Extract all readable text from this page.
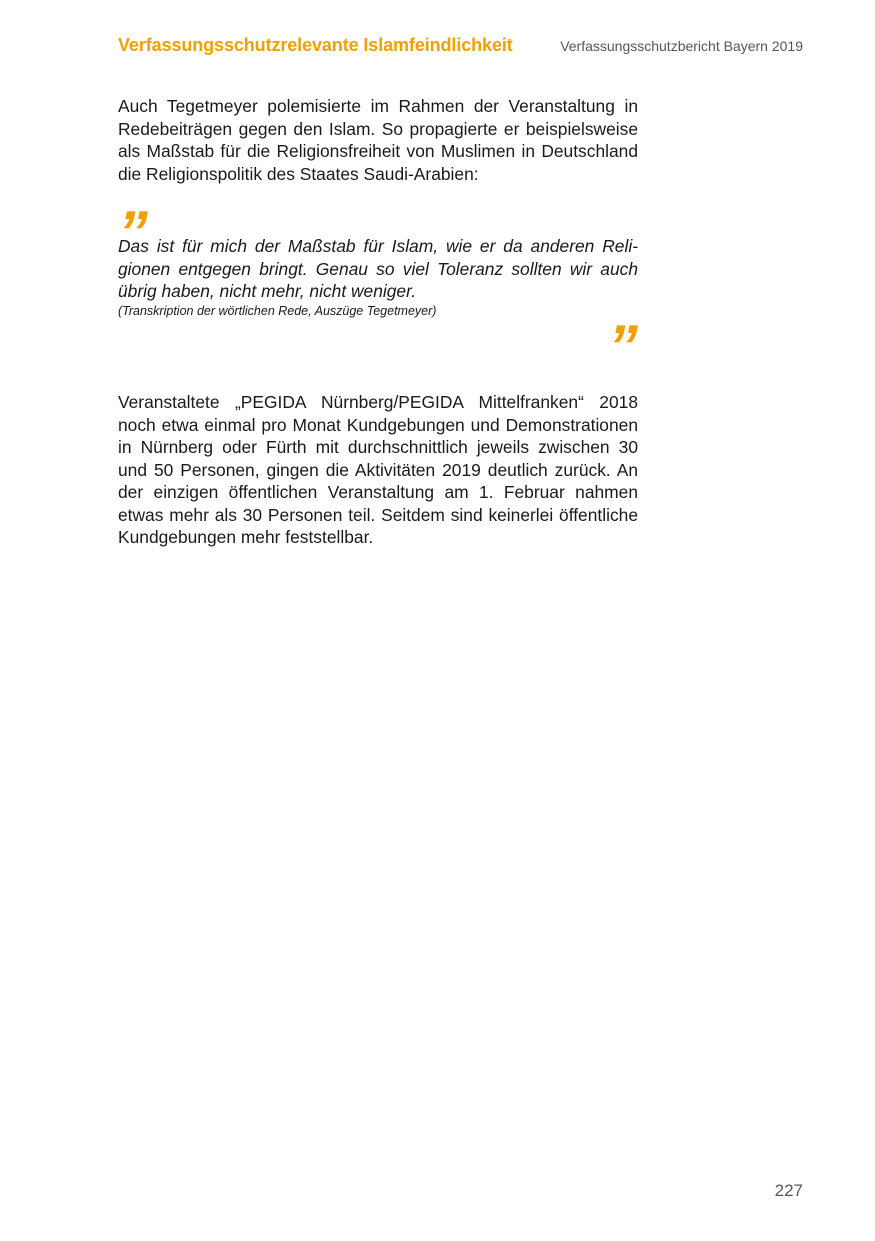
Verfassungsschutzrelevante Islamfeindlichkeit	Verfassungsschutzbericht Bayern 2019

Auch Tegetmeyer polemisierte im Rahmen der Veranstaltung in Redebeiträgen gegen den Islam. So propagierte er beispielsweise als Maßstab für die Religionsfreiheit von Muslimen in Deutschland die Religionspolitik des Staates Saudi-Arabien:

”

Das ist für mich der Maßstab für Islam, wie er da anderen Religionen entgegen bringt. Genau so viel Toleranz sollten wir auch übrig haben, nicht mehr, nicht weniger.

(Transkription der wörtlichen Rede, Auszüge Tegetmeyer)

”

Veranstaltete „PEGIDA Nürnberg/PEGIDA Mittelfranken“ 2018 noch etwa einmal pro Monat Kundgebungen und Demonstrationen in Nürnberg oder Fürth mit durchschnittlich jeweils zwischen 30 und 50 Personen, gingen die Aktivitäten 2019 deutlich zurück. An der einzigen öffentlichen Veranstaltung am 1. Februar nahmen etwas mehr als 30 Personen teil. Seitdem sind keinerlei öffentliche Kundgebungen mehr feststellbar.

227
